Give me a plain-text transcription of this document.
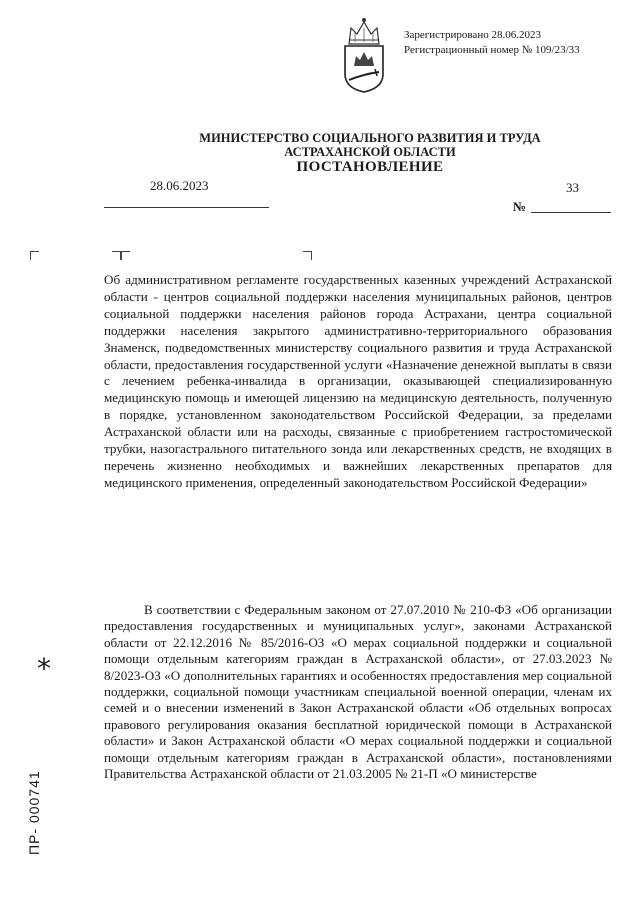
Зарегистрировано 28.06.2023
Регистрационный номер № 109/23/33
МИНИСТЕРСТВО СОЦИАЛЬНОГО РАЗВИТИЯ И ТРУДА
АСТРАХАНСКОЙ ОБЛАСТИ
ПОСТАНОВЛЕНИЕ
28.06.2023	33
№

Об административном регламенте государственных казенных учреждений Астраханской области - центров социальной поддержки населения муниципальных районов, центров социальной поддержки населения районов города Астрахани, центра социальной поддержки населения закрытого административно-территориального образования Знаменск, подведомственных министерству социального развития и труда Астраханской области, предоставления государственной услуги «Назначение денежной выплаты в связи с лечением ребенка-инвалида в организации, оказывающей специализированную медицинскую помощь и имеющей лицензию на медицинскую деятельность, полученную в порядке, установленном законодательством Российской Федерации, за пределами Астраханской области или на расходы, связанные с приобретением гастростомической трубки, назогастрального питательного зонда или лекарственных средств, не входящих в перечень жизненно необходимых и важнейших лекарственных препаратов для медицинского применения, определенный законодательством Российской Федерации»

В соответствии с Федеральным законом от 27.07.2010 № 210-ФЗ «Об организации предоставления государственных и муниципальных услуг», законами Астраханской области от 22.12.2016 № 85/2016-ОЗ «О мерах социальной поддержки и социальной помощи отдельным категориям граждан в Астраханской области», от 27.03.2023 № 8/2023-ОЗ «О дополнительных гарантиях и особенностях предоставления мер социальной поддержки, социальной помощи участникам специальной военной операции, членам их семей и о внесении изменений в Закон Астраханской области «Об отдельных вопросах правового регулирования оказания бесплатной юридической помощи в Астраханской области» и Закон Астраханской области «О мерах социальной поддержки и социальной помощи отдельным категориям граждан в Астраханской области», постановлениями Правительства Астраханской области от 21.03.2005 № 21-П «О министерстве

*
ПР- 000741
